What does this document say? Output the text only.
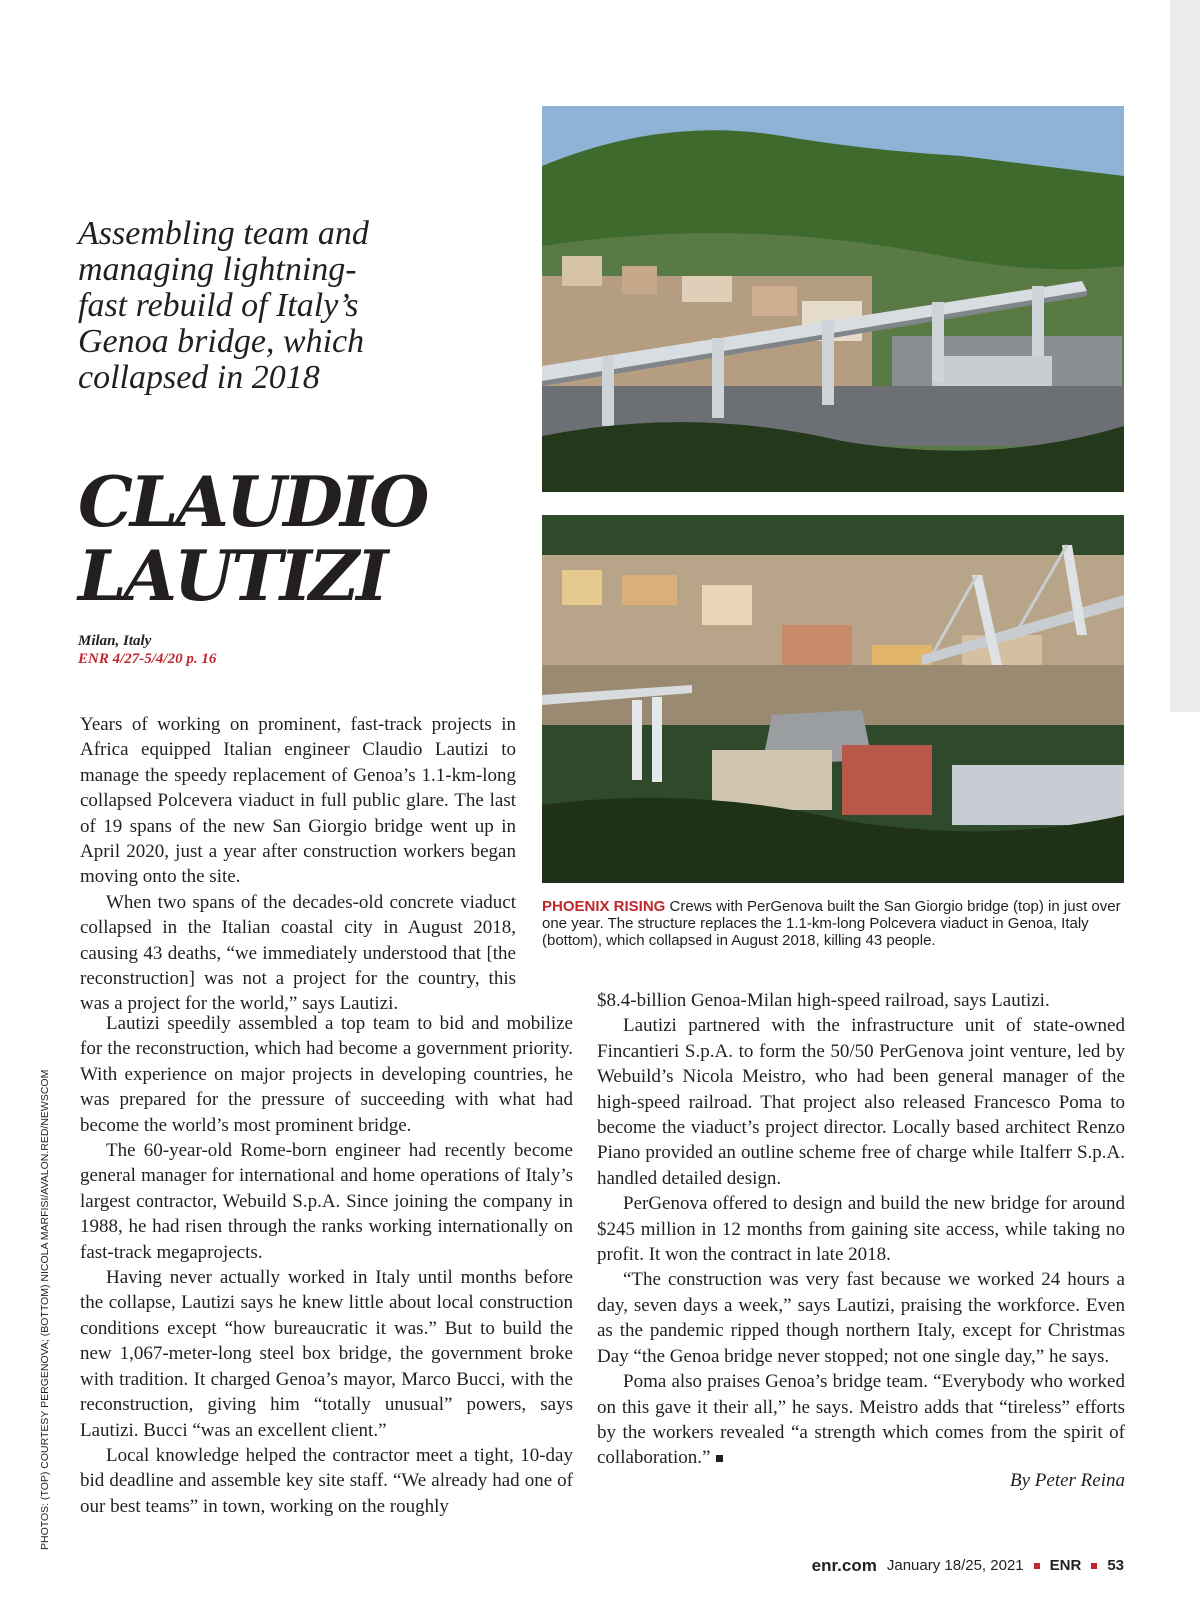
Assembling team and
managing lightning-
fast rebuild of Italy’s
Genoa bridge, which
collapsed in 2018
CLAUDIO
LAUTIZI
Milan, Italy
ENR 4/27-5/4/20 p. 16
PHOENIX RISING Crews with PerGenova built the San Giorgio bridge (top) in just over one year. The structure replaces the 1.1-km-long Polcevera viaduct in Genoa, Italy (bottom), which collapsed in August 2018, killing 43 people.

Years of working on prominent, fast-track projects in Africa equipped Italian engineer Claudio Lautizi to manage the speedy replacement of Genoa’s 1.1-km-long collapsed Polcevera viaduct in full public glare. The last of 19 spans of the new San Giorgio bridge went up in April 2020, just a year after construction workers began moving onto the site.

When two spans of the decades-old concrete viaduct collapsed in the Italian coastal city in August 2018, causing 43 deaths, “we immediately understood that [the reconstruction] was not a project for the country, this was a project for the world,” says Lautizi.

Lautizi speedily assembled a top team to bid and mobilize for the reconstruction, which had become a government priority. With experience on major projects in developing countries, he was prepared for the pressure of succeeding with what had become the world’s most prominent bridge.

The 60-year-old Rome-born engineer had recently become general manager for international and home operations of Italy’s largest contractor, Webuild S.p.A. Since joining the company in 1988, he had risen through the ranks working internationally on fast-track megaprojects.

Having never actually worked in Italy until months before the collapse, Lautizi says he knew little about local construction conditions except “how bureaucratic it was.” But to build the new 1,067-meter-long steel box bridge, the government broke with tradition. It charged Genoa’s mayor, Marco Bucci, with the reconstruction, giving him “totally unusual” powers, says Lautizi. Bucci “was an excellent client.”

Local knowledge helped the contractor meet a tight, 10-day bid deadline and assemble key site staff. “We already had one of our best teams” in town, working on the roughly

$8.4-billion Genoa-Milan high-speed railroad, says Lautizi.

Lautizi partnered with the infrastructure unit of state-owned Fincantieri S.p.A. to form the 50/50 PerGenova joint venture, led by Webuild’s Nicola Meistro, who had been general manager of the high-speed railroad. That project also released Francesco Poma to become the viaduct’s project director. Locally based architect Renzo Piano provided an outline scheme free of charge while Italferr S.p.A. handled detailed design.

PerGenova offered to design and build the new bridge for around $245 million in 12 months from gaining site access, while taking no profit. It won the contract in late 2018.

“The construction was very fast because we worked 24 hours a day, seven days a week,” says Lautizi, praising the workforce. Even as the pandemic ripped though northern Italy, except for Christmas Day “the Genoa bridge never stopped; not one single day,” he says.

Poma also praises Genoa’s bridge team. “Everybody who worked on this gave it their all,” he says. Meistro adds that “tireless” efforts by the workers revealed “a strength which comes from the spirit of collaboration.”

By Peter Reina
PHOTOS: (TOP) COURTESY PERGENOVA; (BOTTOM) NICOLA MARFISI/AVALON.RED/NEWSCOM
enr.com January 18/25, 2021 ENR 53
